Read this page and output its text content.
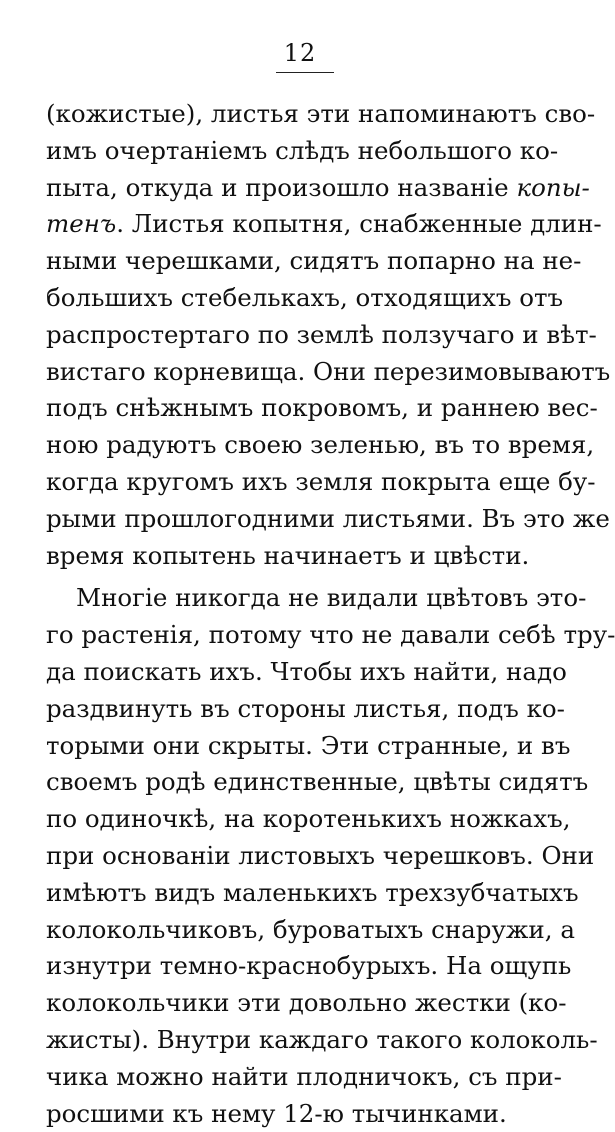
12
(кожистые), листья эти напоминаютъ сво-
имъ очертаніемъ слѣдъ небольшого ко-
пыта, откуда и произошло названіе копы-
тенъ. Листья копытня, снабженные длин-
ными черешками, сидятъ попарно на не-
большихъ стебелькахъ, отходящихъ отъ
распростертаго по землѣ ползучаго и вѣт-
вистаго корневища. Они перезимовываютъ
подъ снѣжнымъ покровомъ, и раннею вес-
ною радуютъ своею зеленью, въ то время,
когда кругомъ ихъ земля покрыта еще бу-
рыми прошлогодними листьями. Въ это же
время копытень начинаетъ и цвѣсти.
Многіе никогда не видали цвѣтовъ это-
го растенія, потому что не давали себѣ тру-
да поискать ихъ. Чтобы ихъ найти, надо
раздвинуть въ стороны листья, подъ ко-
торыми они скрыты. Эти странные, и въ
своемъ родѣ единственные, цвѣты сидятъ
по одиночкѣ, на коротенькихъ ножкахъ,
при основаніи листовыхъ черешковъ. Они
имѣютъ видъ маленькихъ трехзубчатыхъ
колокольчиковъ, буроватыхъ снаружи, а
изнутри темно-краснобурыхъ. На ощупь
колокольчики эти довольно жестки (ко-
жисты). Внутри каждаго такого колоколь-
чика можно найти плодничокъ, съ при-
росшими къ нему 12-ю тычинками.
